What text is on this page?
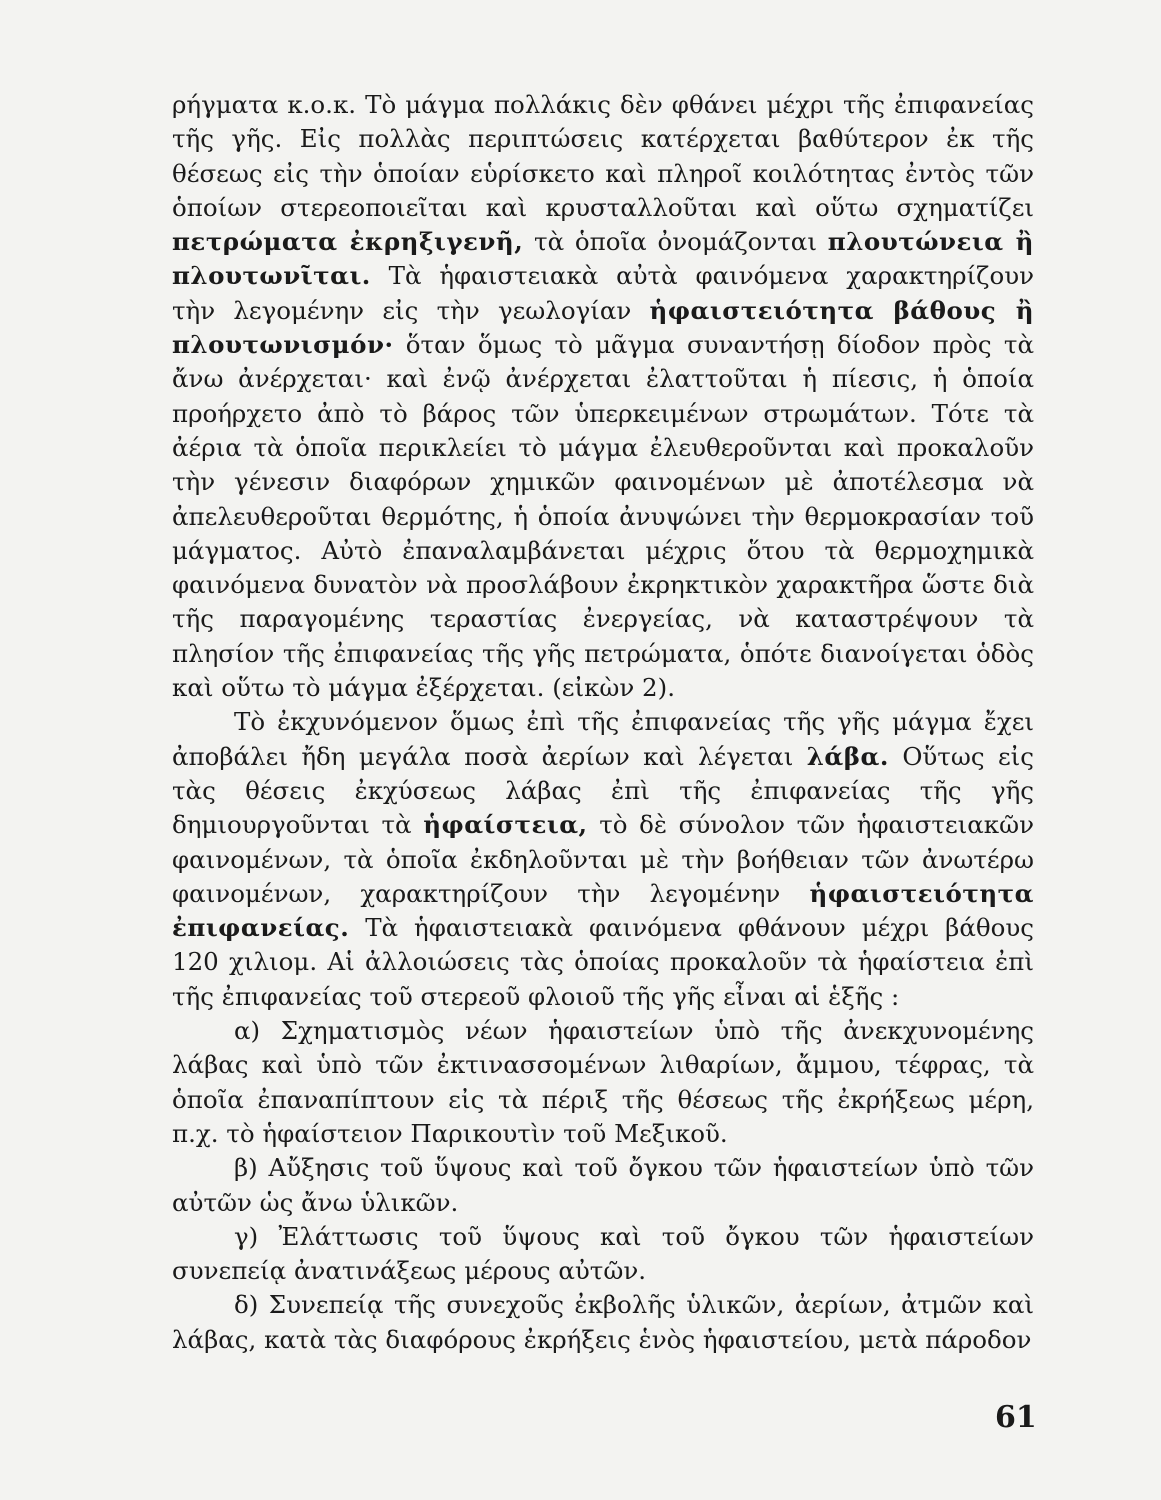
ρήγματα κ.ο.κ. Τὸ μάγμα πολλάκις δὲν φθάνει μέχρι τῆς ἐπιφανείας τῆς γῆς. Εἰς πολλὰς περιπτώσεις κατέρχεται βαθύτερον ἐκ τῆς θέσεως εἰς τὴν ὁποίαν εὑρίσκετο καὶ πληροῖ κοιλότητας ἐντὸς τῶν ὁποίων στερεοποιεῖται καὶ κρυσταλλοῦται καὶ οὕτω σχηματίζει πετρώματα ἐκρηξιγενῆ, τὰ ὁποῖα ὀνομάζονται πλουτώνεια ἢ πλουτωνῖται. Τὰ ἡφαιστειακὰ αὐτὰ φαινόμενα χαρακτηρίζουν τὴν λεγομένην εἰς τὴν γεωλογίαν ἡφαιστειότητα βάθους ἢ πλουτωνισμόν· ὅταν ὅμως τὸ μᾶγμα συναντήσῃ δίοδον πρὸς τὰ ἄνω ἀνέρχεται· καὶ ἐνῷ ἀνέρχεται ἐλαττοῦται ἡ πίεσις, ἡ ὁποία προήρχετο ἀπὸ τὸ βάρος τῶν ὑπερκειμένων στρωμάτων. Τότε τὰ ἀέρια τὰ ὁποῖα περικλείει τὸ μάγμα ἐλευθεροῦνται καὶ προκαλοῦν τὴν γένεσιν διαφόρων χημικῶν φαινομένων μὲ ἀποτέλεσμα νὰ ἀπελευθεροῦται θερμότης, ἡ ὁποία ἀνυψώνει τὴν θερμοκρασίαν τοῦ μάγματος. Αὐτὸ ἐπαναλαμβάνεται μέχρις ὅτου τὰ θερμοχημικὰ φαινόμενα δυνατὸν νὰ προσλάβουν ἐκρηκτικὸν χαρακτῆρα ὥστε διὰ τῆς παραγομένης τεραστίας ἐνεργείας, νὰ καταστρέψουν τὰ πλησίον τῆς ἐπιφανείας τῆς γῆς πετρώματα, ὁπότε διανοίγεται ὁδὸς καὶ οὕτω τὸ μάγμα ἐξέρχεται. (εἰκὼν 2).

Τὸ ἐκχυνόμενον ὅμως ἐπὶ τῆς ἐπιφανείας τῆς γῆς μάγμα ἔχει ἀποβάλει ἤδη μεγάλα ποσὰ ἀερίων καὶ λέγεται λάβα. Οὕτως εἰς τὰς θέσεις ἐκχύσεως λάβας ἐπὶ τῆς ἐπιφανείας τῆς γῆς δημιουργοῦνται τὰ ἡφαίστεια, τὸ δὲ σύνολον τῶν ἡφαιστειακῶν φαινομένων, τὰ ὁποῖα ἐκδηλοῦνται μὲ τὴν βοήθειαν τῶν ἀνωτέρω φαινομένων, χαρακτηρίζουν τὴν λεγομένην ἡφαιστειότητα ἐπιφανείας. Τὰ ἡφαιστειακὰ φαινόμενα φθάνουν μέχρι βάθους 120 χιλιομ. Αἱ ἀλλοιώσεις τὰς ὁποίας προκαλοῦν τὰ ἡφαίστεια ἐπὶ τῆς ἐπιφανείας τοῦ στερεοῦ φλοιοῦ τῆς γῆς εἶναι αἱ ἑξῆς :

α) Σχηματισμὸς νέων ἡφαιστείων ὑπὸ τῆς ἀνεκχυνομένης λάβας καὶ ὑπὸ τῶν ἐκτινασσομένων λιθαρίων, ἄμμου, τέφρας, τὰ ὁποῖα ἐπαναπίπτουν εἰς τὰ πέριξ τῆς θέσεως τῆς ἐκρήξεως μέρη, π.χ. τὸ ἡφαίστειον Παρικουτὶν τοῦ Μεξικοῦ.

β) Αὔξησις τοῦ ὕψους καὶ τοῦ ὄγκου τῶν ἡφαιστείων ὑπὸ τῶν αὐτῶν ὡς ἄνω ὑλικῶν.

γ) Ἐλάττωσις τοῦ ὕψους καὶ τοῦ ὄγκου τῶν ἡφαιστείων συνεπείᾳ ἀνατινάξεως μέρους αὐτῶν.

δ) Συνεπείᾳ τῆς συνεχοῦς ἐκβολῆς ὑλικῶν, ἀερίων, ἀτμῶν καὶ λάβας, κατὰ τὰς διαφόρους ἐκρήξεις ἑνὸς ἡφαιστείου, μετὰ πάροδον

61
